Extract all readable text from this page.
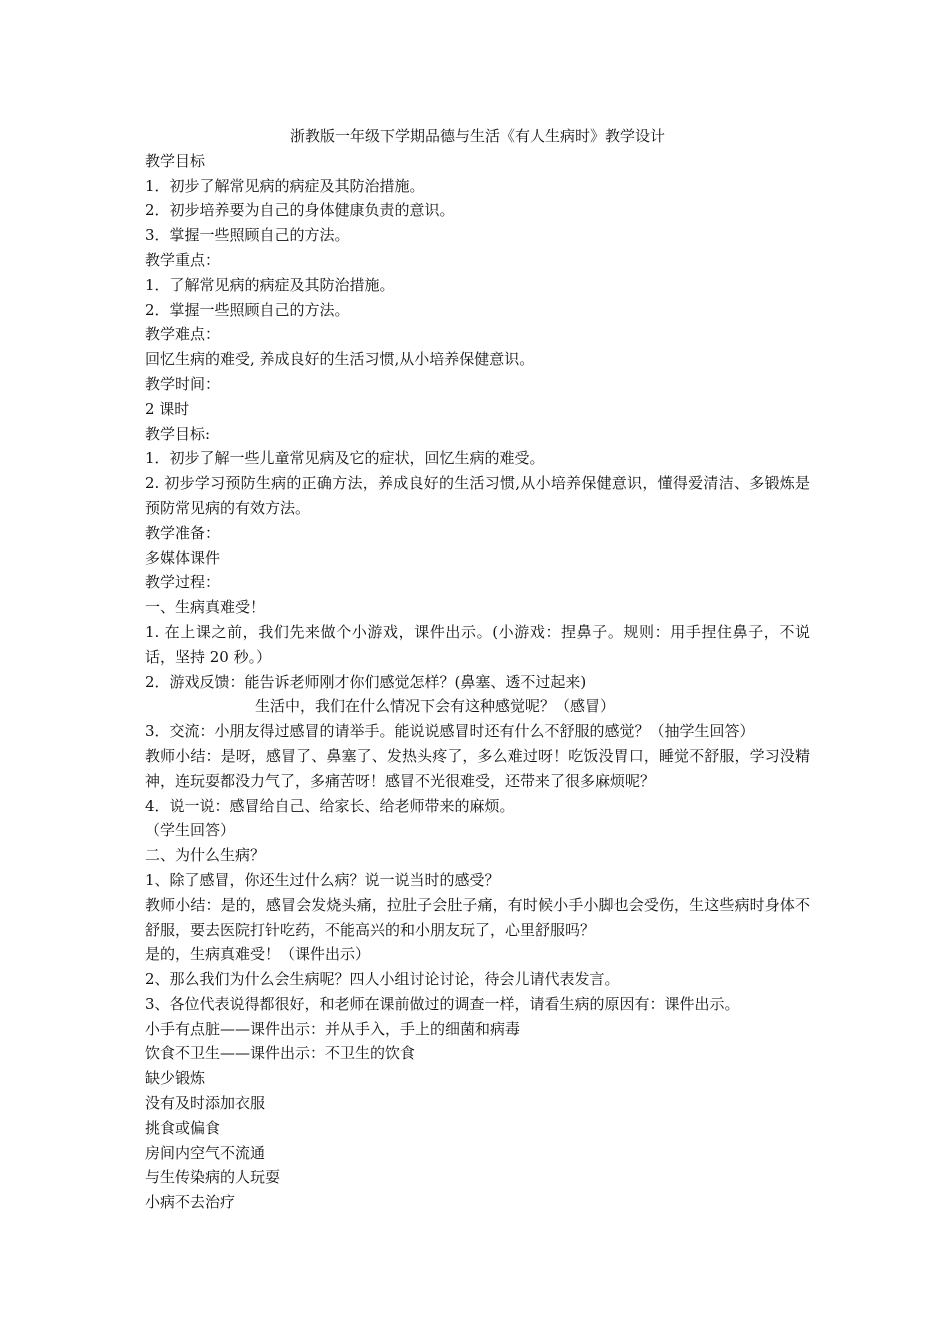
浙教版一年级下学期品德与生活《有人生病时》教学设计
教学目标
1．初步了解常见病的病症及其防治措施。
2．初步培养要为自己的身体健康负责的意识。
3．掌握一些照顾自己的方法。
教学重点：
1．了解常见病的病症及其防治措施。
2．掌握一些照顾自己的方法。
教学难点：
回忆生病的难受, 养成良好的生活习惯,从小培养保健意识。
教学时间：
2 课时
教学目标:
1．初步了解一些儿童常见病及它的症状，回忆生病的难受。
2. 初步学习预防生病的正确方法，养成良好的生活习惯,从小培养保健意识，懂得爱清洁、多锻炼是预防常见病的有效方法。
教学准备：
多媒体课件
教学过程：
一、生病真难受！
1. 在上课之前，我们先来做个小游戏，课件出示。(小游戏：捏鼻子。规则：用手捏住鼻子，不说话，坚持 20 秒。）
2．游戏反馈：能告诉老师刚才你们感觉怎样？(鼻塞、透不过起来)
生活中，我们在什么情况下会有这种感觉呢？（感冒）
3．交流：小朋友得过感冒的请举手。能说说感冒时还有什么不舒服的感觉？（抽学生回答）
教师小结：是呀，感冒了、鼻塞了、发热头疼了，多么难过呀！吃饭没胃口，睡觉不舒服，学习没精神，连玩耍都没力气了，多痛苦呀！感冒不光很难受，还带来了很多麻烦呢？
4．说一说：感冒给自己、给家长、给老师带来的麻烦。
（学生回答）
二、为什么生病？
1、除了感冒，你还生过什么病？说一说当时的感受？
教师小结：是的，感冒会发烧头痛，拉肚子会肚子痛，有时候小手小脚也会受伤，生这些病时身体不舒服，要去医院打针吃药，不能高兴的和小朋友玩了，心里舒服吗？
是的，生病真难受！（课件出示）
2、那么我们为什么会生病呢？四人小组讨论讨论，待会儿请代表发言。
3、各位代表说得都很好，和老师在课前做过的调查一样，请看生病的原因有：课件出示。
小手有点脏——课件出示：并从手入，手上的细菌和病毒
饮食不卫生——课件出示：不卫生的饮食
缺少锻炼
没有及时添加衣服
挑食或偏食
房间内空气不流通
与生传染病的人玩耍
小病不去治疗
